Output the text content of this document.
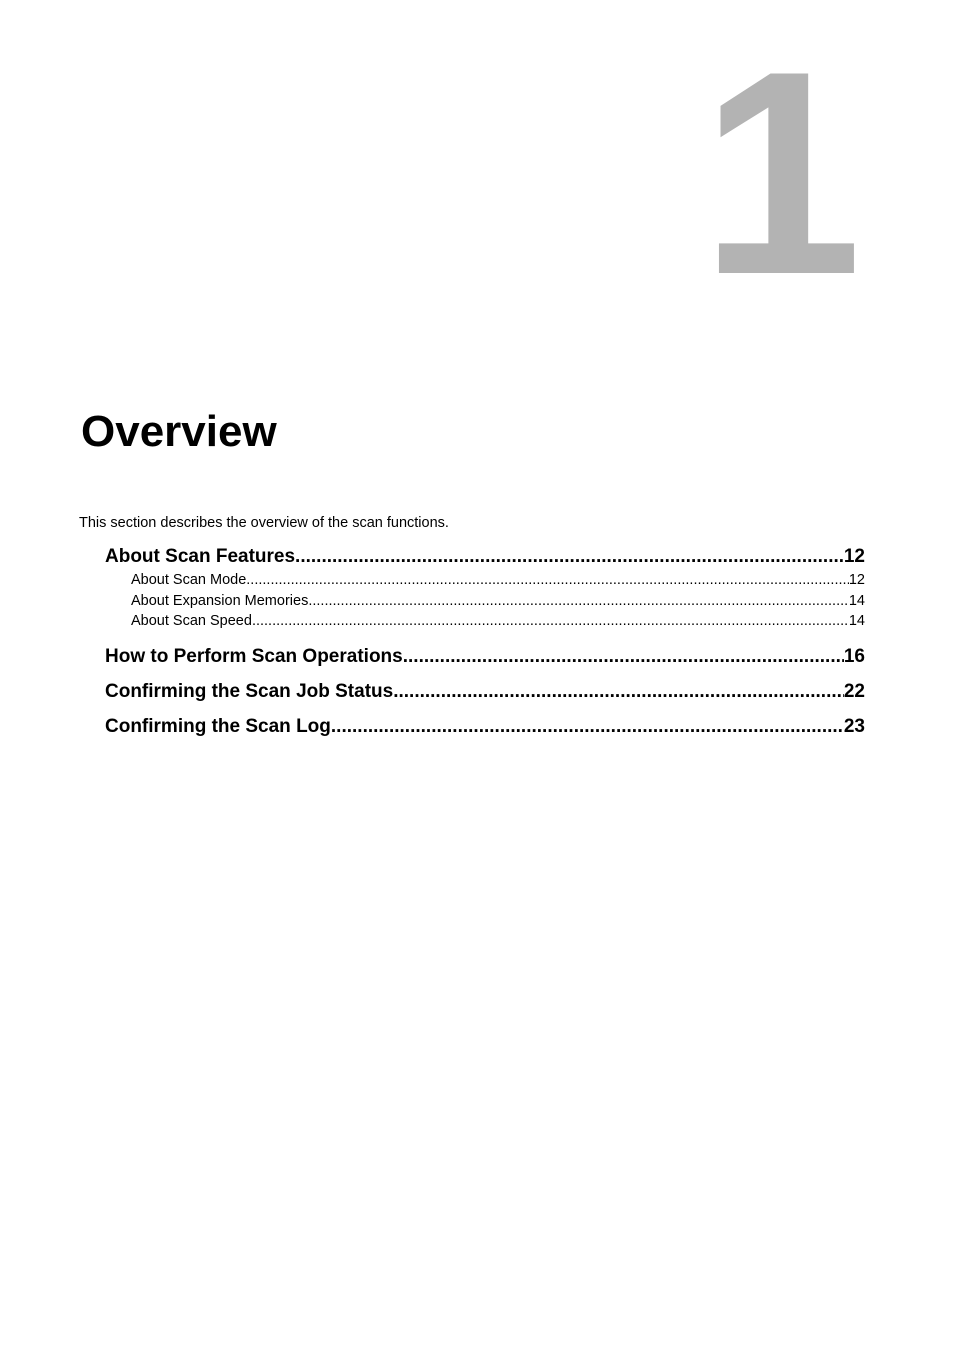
1
Overview

This section describes the overview of the scan functions.

About Scan Features .....	12
About Scan Mode .....	12
About Expansion Memories .....	14
About Scan Speed .....	14
How to Perform Scan Operations .....	16
Confirming the Scan Job Status .....	22
Confirming the Scan Log .....	23
